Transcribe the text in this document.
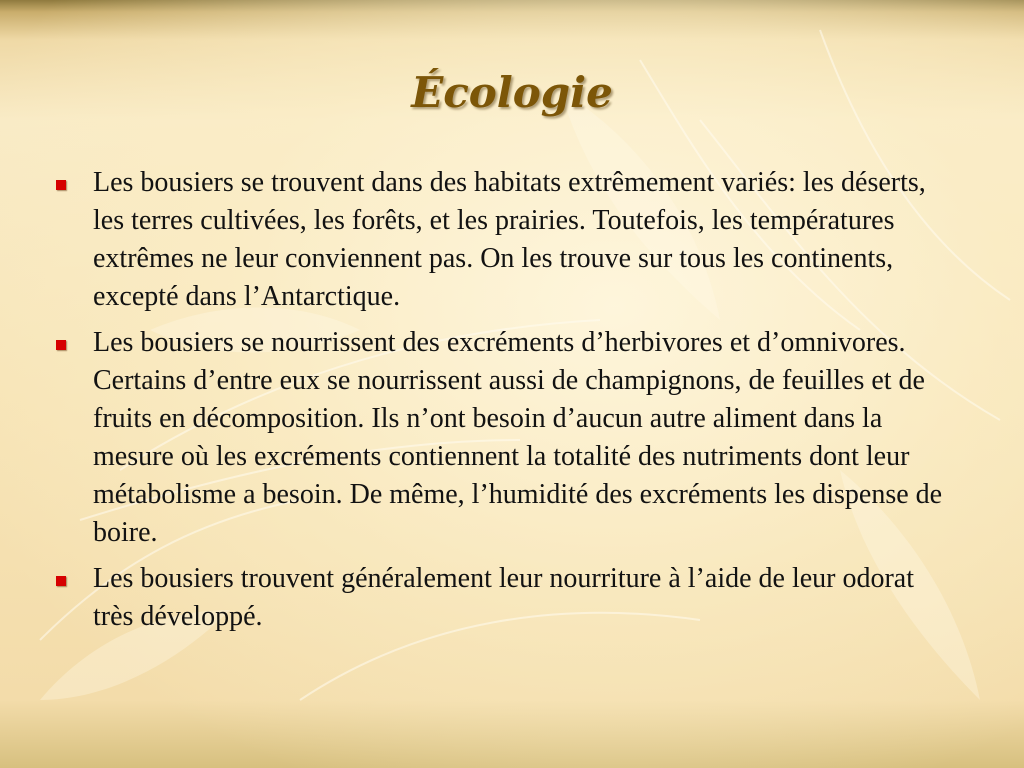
Écologie
Les bousiers se trouvent dans des habitats extrêmement variés: les déserts, les terres cultivées, les forêts, et les prairies. Toutefois, les températures extrêmes ne leur conviennent pas. On les trouve sur tous les continents, excepté dans l’Antarctique.
Les bousiers se nourrissent des excréments d’herbivores et d’omnivores. Certains d’entre eux se nourrissent aussi de champignons, de feuilles et de fruits en décomposition. Ils n’ont besoin d’aucun autre aliment dans la mesure où les excréments contiennent la totalité des nutriments dont leur métabolisme a besoin. De même, l’humidité des excréments les dispense de boire.
Les bousiers trouvent généralement leur nourriture à l’aide de leur odorat très développé.
